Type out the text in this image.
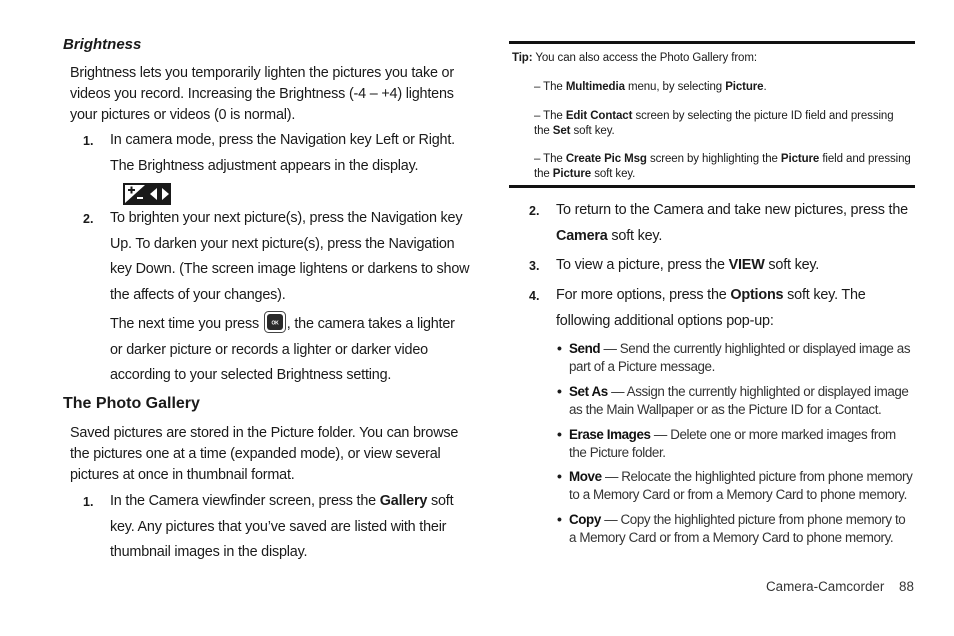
Brightness
Brightness lets you temporarily lighten the pictures you take or videos you record. Increasing the Brightness (-4 – +4) lightens your pictures or videos (0 is normal).
1. In camera mode, press the Navigation key Left or Right.
The Brightness adjustment appears in the display.
2. To brighten your next picture(s), press the Navigation key Up. To darken your next picture(s), press the Navigation key Down. (The screen image lightens or darkens to show the affects of your changes).
The next time you press OK , the camera takes a lighter or darker picture or records a lighter or darker video according to your selected Brightness setting.
The Photo Gallery
Saved pictures are stored in the Picture folder. You can browse the pictures one at a time (expanded mode), or view several pictures at once in thumbnail format.
1. In the Camera viewfinder screen, press the Gallery soft key. Any pictures that you’ve saved are listed with their thumbnail images in the display.
Tip: You can also access the Photo Gallery from:
– The Multimedia menu, by selecting Picture.
– The Edit Contact screen by selecting the picture ID field and pressing the Set soft key.
– The Create Pic Msg screen by highlighting the Picture field and pressing the Picture soft key.
2. To return to the Camera and take new pictures, press the Camera soft key.
3. To view a picture, press the VIEW soft key.
4. For more options, press the Options soft key. The following additional options pop-up:
• Send — Send the currently highlighted or displayed image as part of a Picture message.
• Set As — Assign the currently highlighted or displayed image as the Main Wallpaper or as the Picture ID for a Contact.
• Erase Images — Delete one or more marked images from the Picture folder.
• Move — Relocate the highlighted picture from phone memory to a Memory Card or from a Memory Card to phone memory.
• Copy — Copy the highlighted picture from phone memory to a Memory Card or from a Memory Card to phone memory.
Camera-Camcorder 88
